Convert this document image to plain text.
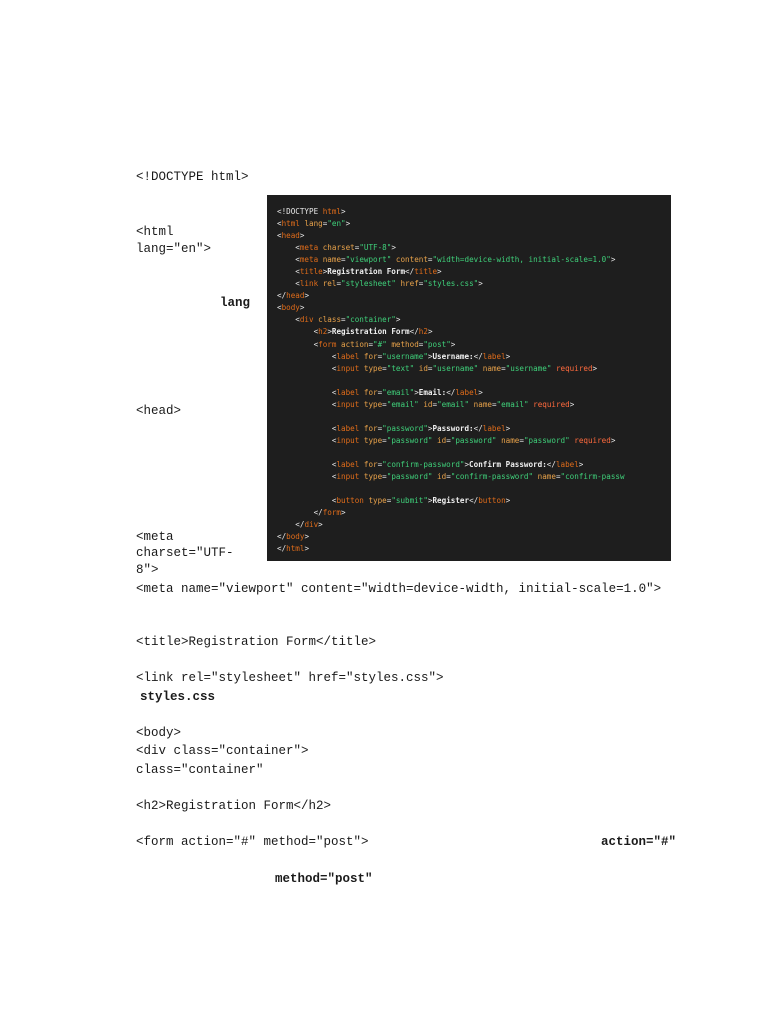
<!DOCTYPE html>
<html
lang="en">
lang
<head>
<meta
charset="UTF-
8">
<meta name="viewport" content="width=device-width, initial-scale=1.0">
<title>Registration Form</title>
<link rel="stylesheet" href="styles.css">
styles.css
<body>
<div class="container">
class="container"
<h2>Registration Form</h2>
<form action="#" method="post">	action="#"
method="post"
<!DOCTYPE html>
<html lang="en">
<head>
<meta charset="UTF-8">
<meta name="viewport" content="width=device-width, initial-scale=1.0">
<title>Registration Form</title>
<link rel="stylesheet" href="styles.css">
</head>
<body>
<div class="container">
<h2>Registration Form</h2>
<form action="#" method="post">
<label for="username">Username:</label>
<input type="text" id="username" name="username" required>
<label for="email">Email:</label>
<input type="email" id="email" name="email" required>
<label for="password">Password:</label>
<input type="password" id="password" name="password" required>
<label for="confirm-password">Confirm Password:</label>
<input type="password" id="confirm-password" name="confirm-passw
<button type="submit">Register</button>
</form>
</div>
</body>
</html>
